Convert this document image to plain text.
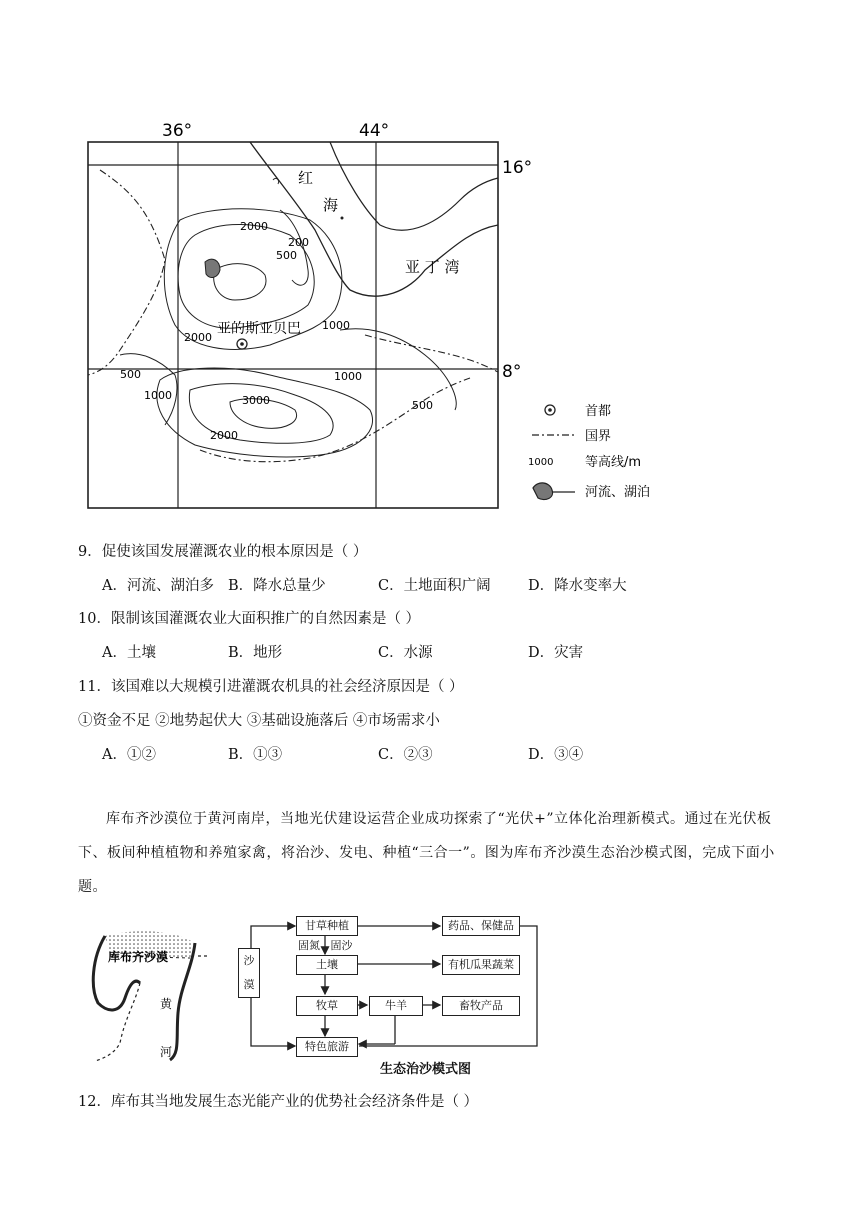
36°	44°
16°
8°
红
海
亚 丁 湾
亚的斯亚贝巴
2000
200
500
1000
2000
500
1000
1000
3000	500
2000
首都
国界
1000 等高线/m
河流、湖泊
9．促使该国发展灌溉农业的根本原因是（ ）
A．河流、湖泊多 B．降水总量少	C．土地面积广阔	D．降水变率大
10．限制该国灌溉农业大面积推广的自然因素是（ ）
A．土壤	B．地形	C．水源	D．灾害
11．该国难以大规模引进灌溉农机具的社会经济原因是（ ）
①资金不足 ②地势起伏大 ③基础设施落后 ④市场需求小
A．①②	B．①③	C．②③	D．③④
库布齐沙漠位于黄河南岸，当地光伏建设运营企业成功探索了“光伏+”立体化治理新模式。通过在光伏板下、板间种植植物和养殖家禽，将治沙、发电、种植“三合一”。图为库布齐沙漠生态治沙模式图，完成下面小题。
库布齐沙漠
黄
河
沙
漠
甘草种植
固氮   固沙
土壤
牧草
特色旅游
牛羊
药品、保健品
有机瓜果蔬菜
畜牧产品
生态治沙模式图
12．库布其当地发展生态光能产业的优势社会经济条件是（ ）
